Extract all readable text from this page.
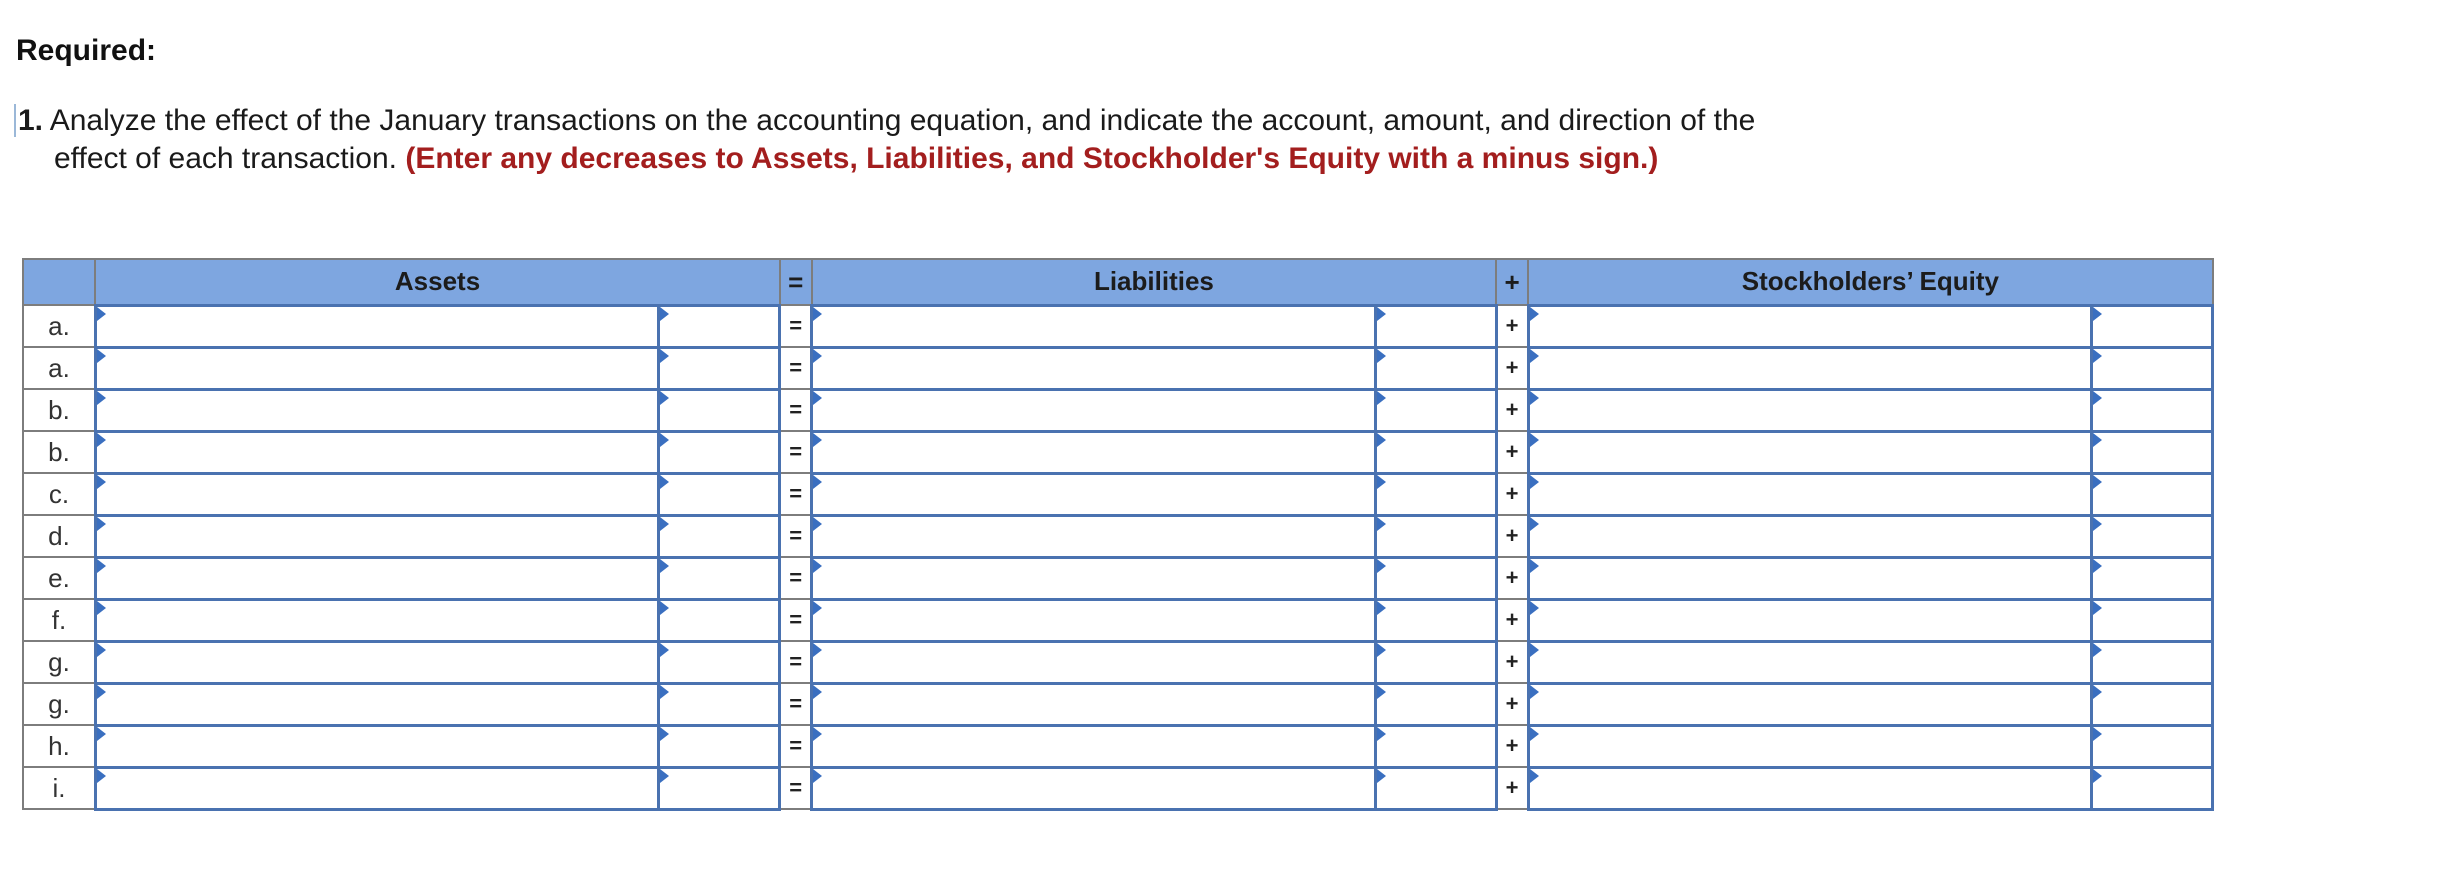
Required:
1. Analyze the effect of the January transactions on the accounting equation, and indicate the account, amount, and direction of the
effect of each transaction. (Enter any decreases to Assets, Liabilities, and Stockholder's Equity with a minus sign.)
	Assets		=	Liabilities		+	Stockholders’ Equity	
a.			=			+		
a.			=			+		
b.			=			+		
b.			=			+		
c.			=			+		
d.			=			+		
e.			=			+		
f.			=			+		
g.			=			+		
g.			=			+		
h.			=			+		
i.			=			+		
